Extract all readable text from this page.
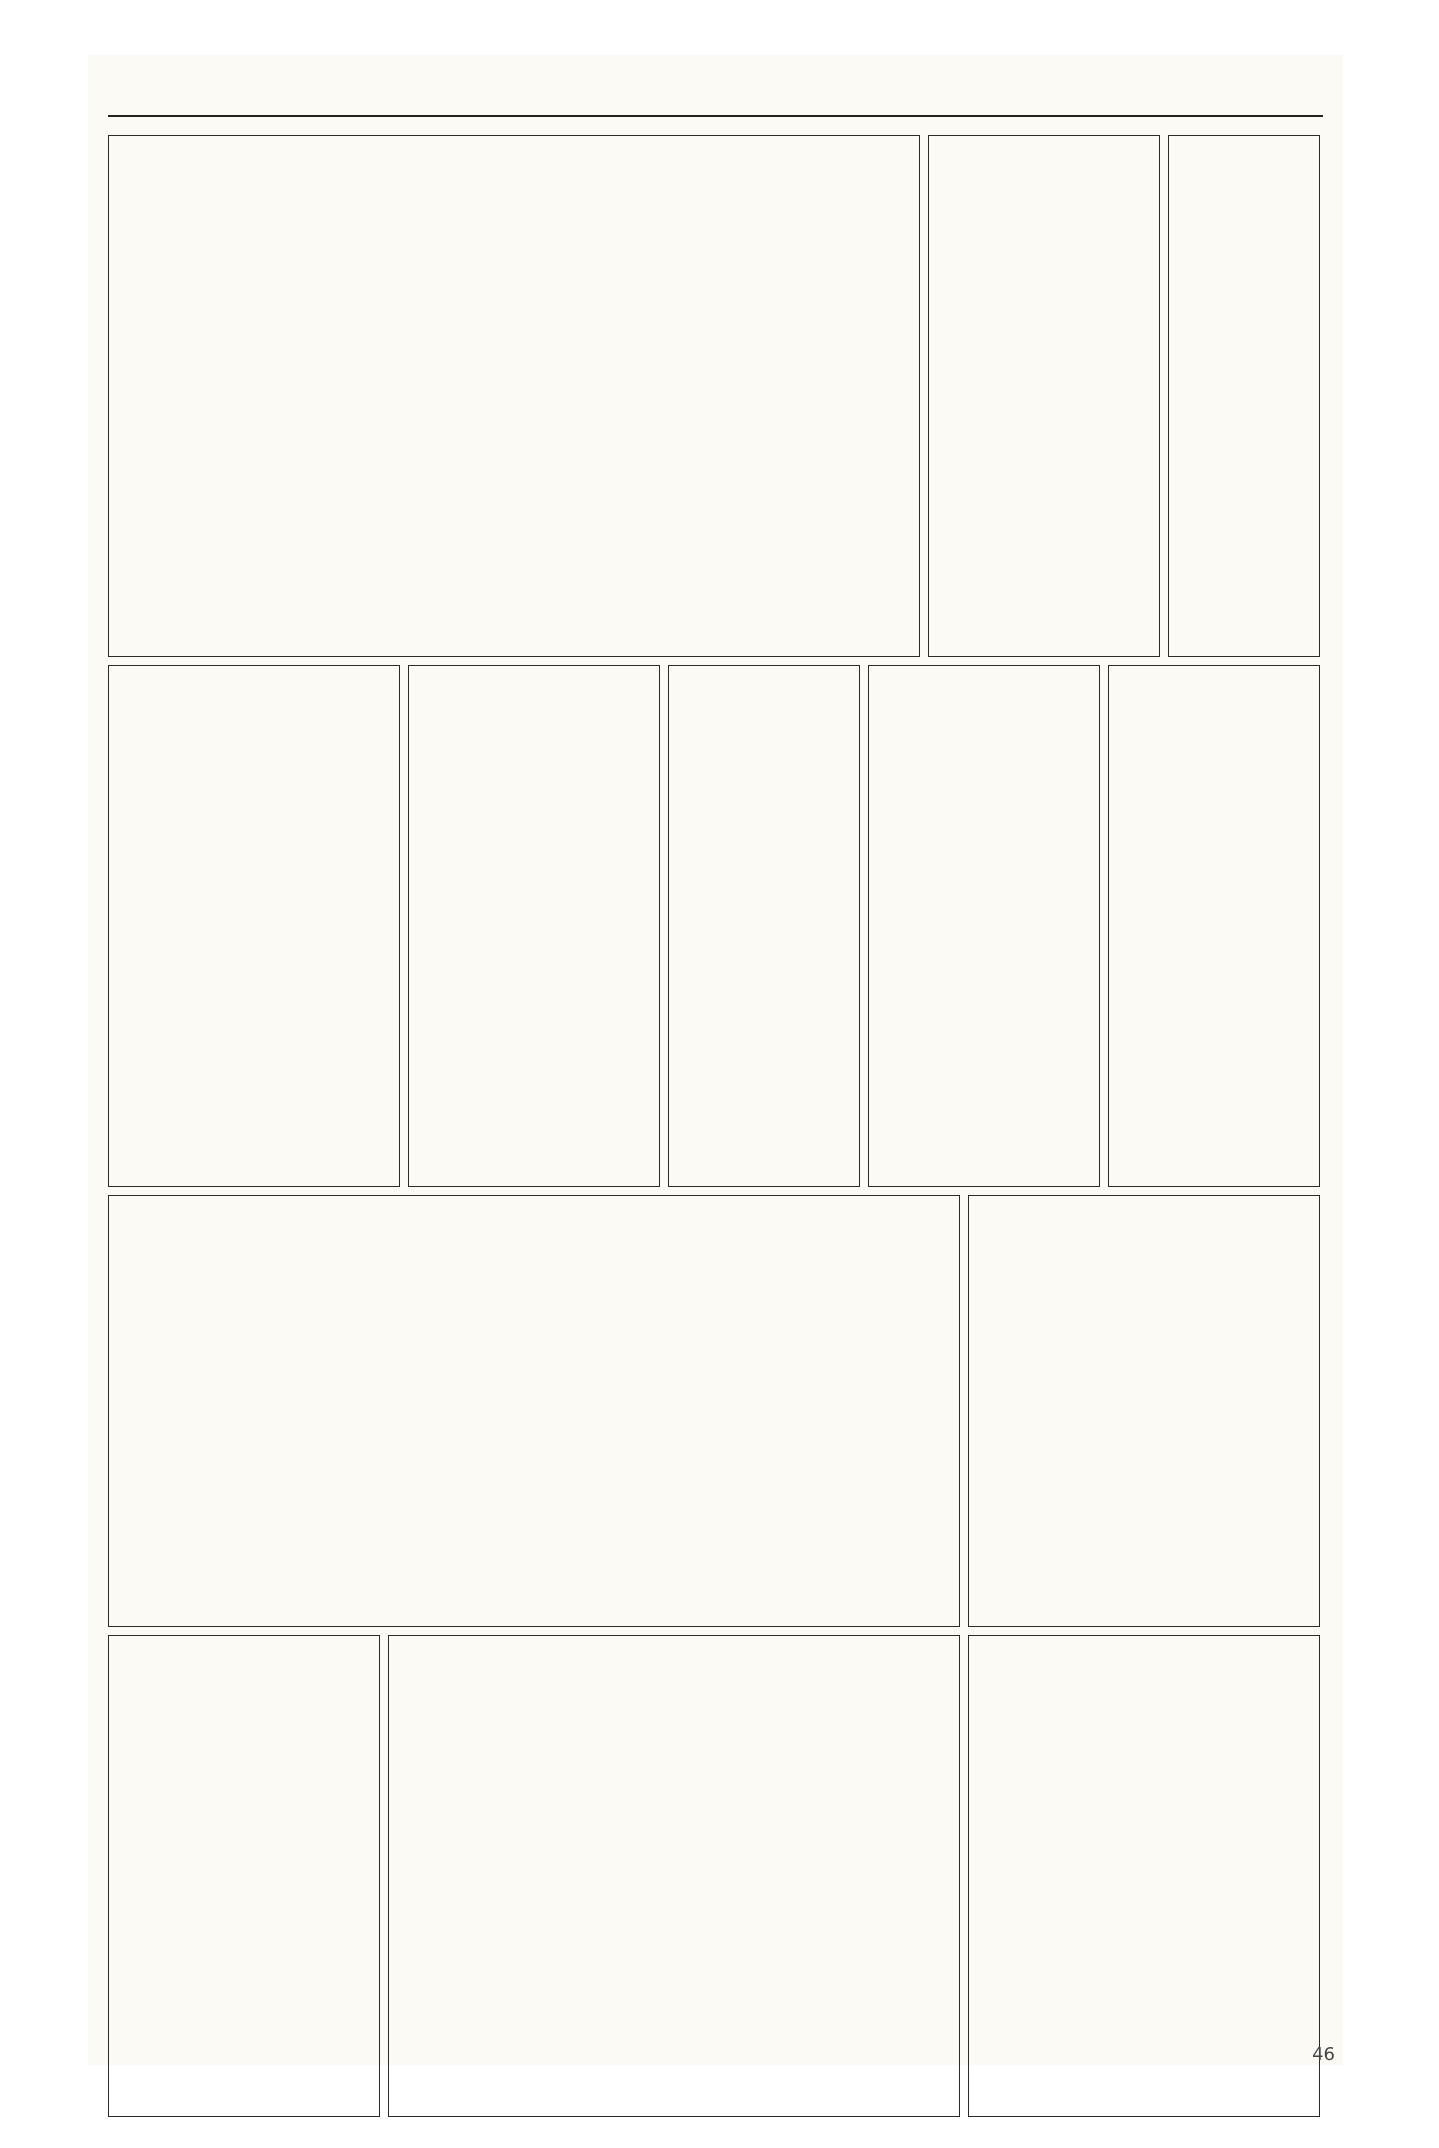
46
